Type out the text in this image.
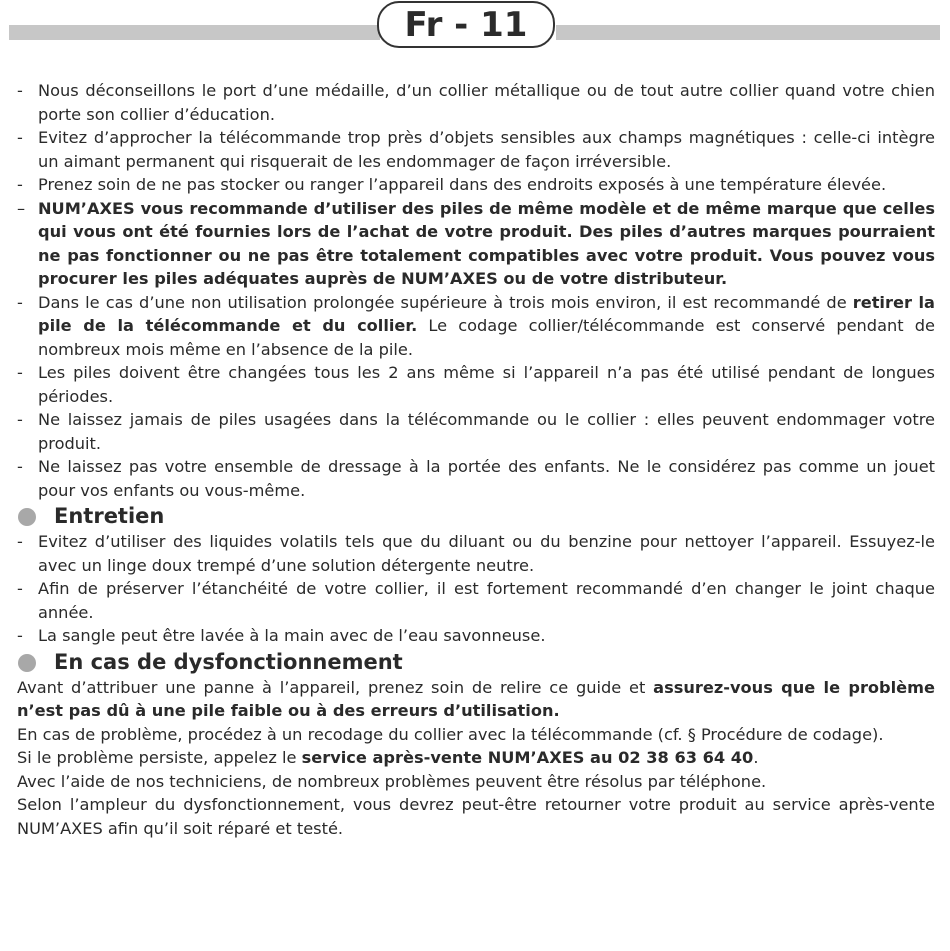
Fr - 11
- Nous déconseillons le port d’une médaille, d’un collier métallique ou de tout autre collier quand votre chien porte son collier d’éducation.
- Evitez d’approcher la télécommande trop près d’objets sensibles aux champs magnétiques : celle-ci intègre un aimant permanent qui risquerait de les endommager de façon irréversible.
- Prenez soin de ne pas stocker ou ranger l’appareil dans des endroits exposés à une température élevée.
– NUM’AXES vous recommande d’utiliser des piles de même modèle et de même marque que celles qui vous ont été fournies lors de l’achat de votre produit. Des piles d’autres marques pourraient ne pas fonctionner ou ne pas être totalement compatibles avec votre produit. Vous pouvez vous procurer les piles adéquates auprès de NUM’AXES ou de votre distributeur.
- Dans le cas d’une non utilisation prolongée supérieure à trois mois environ, il est recommandé de retirer la pile de la télécommande et du collier. Le codage collier/télécommande est conservé pendant de nombreux mois même en l’absence de la pile.
- Les piles doivent être changées tous les 2 ans même si l’appareil n’a pas été utilisé pendant de longues périodes.
- Ne laissez jamais de piles usagées dans la télécommande ou le collier : elles peuvent endommager votre produit.
- Ne laissez pas votre ensemble de dressage à la portée des enfants. Ne le considérez pas comme un jouet pour vos enfants ou vous-même.
Entretien
- Evitez d’utiliser des liquides volatils tels que du diluant ou du benzine pour nettoyer l’appareil. Essuyez-le avec un linge doux trempé d’une solution détergente neutre.
- Afin de préserver l’étanchéité de votre collier, il est fortement recommandé d’en changer le joint chaque année.
- La sangle peut être lavée à la main avec de l’eau savonneuse.
En cas de dysfonctionnement

Avant d’attribuer une panne à l’appareil, prenez soin de relire ce guide et assurez-vous que le problème n’est pas dû à une pile faible ou à des erreurs d’utilisation.

En cas de problème, procédez à un recodage du collier avec la télécommande (cf. § Procédure de codage).

Si le problème persiste, appelez le service après-vente NUM’AXES au 02 38 63 64 40.

Avec l’aide de nos techniciens, de nombreux problèmes peuvent être résolus par téléphone.

Selon l’ampleur du dysfonctionnement, vous devrez peut-être retourner votre produit au service après-vente NUM’AXES afin qu’il soit réparé et testé.
